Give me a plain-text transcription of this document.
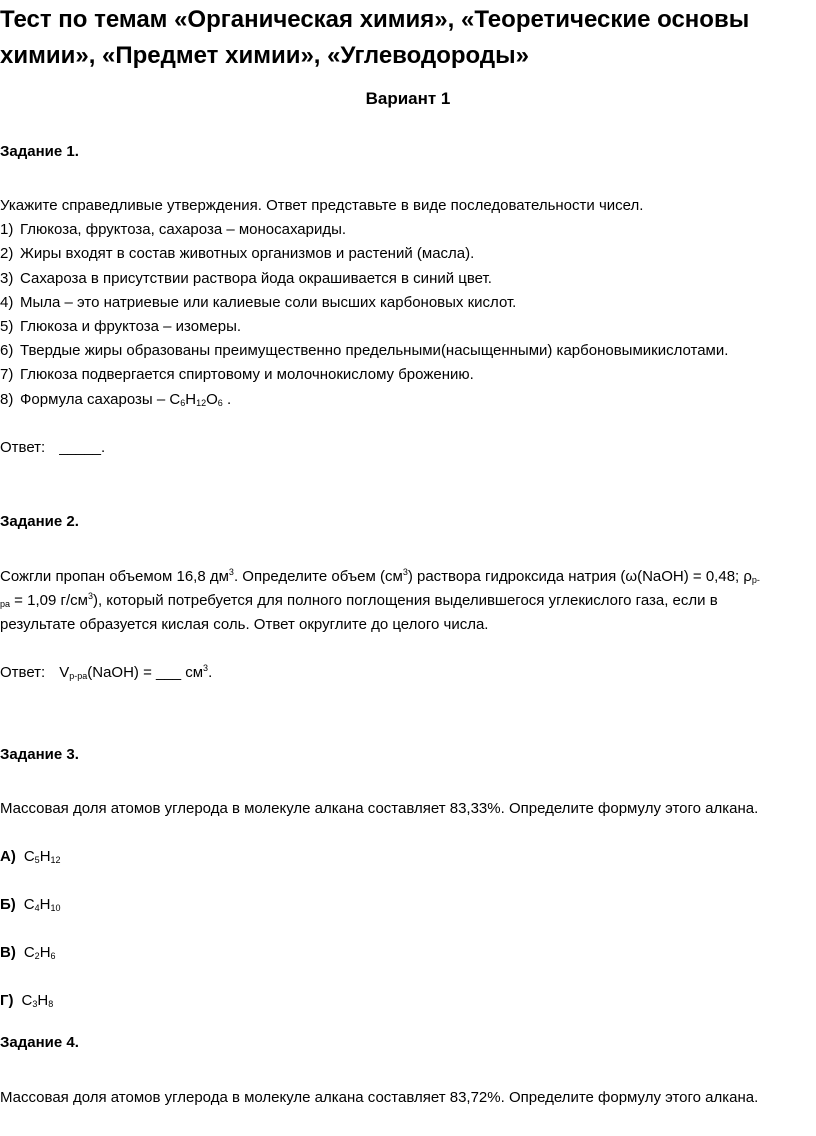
Тест по темам «Органическая химия», «Теоретические основы химии», «Предмет химии», «Углеводороды»
Вариант 1
Задание 1.
Укажите справедливые утверждения. Ответ представьте в виде последовательности чисел.
1) Глюкоза, фруктоза, сахароза – моносахариды.
2) Жиры входят в состав животных организмов и растений (масла).
3) Сахароза в присутствии раствора йода окрашивается в синий цвет.
4) Мыла – это натриевые или калиевые соли высших карбоновых кислот.
5) Глюкоза и фруктоза – изомеры.
6) Твердые жиры образованы преимущественно предельными(насыщенными) карбоновымикислотами.
7) Глюкоза подвергается спиртовому и молочнокислому брожению.
8) Формула сахарозы – $C_6H_{12}O_6$ .
Ответ: _____.
Задание 2.
Сожгли пропан объемом 16,8 $дм^3$. Определите объем $(см^3)$ раствора гидроксида натрия (ω(NaOH) = 0,48; $\rho_{р-}$
$_{ра}$ = 1,09 $г/см^3$), который потребуется для полного поглощения выделившегося углекислого газа, если в
результате образуется кислая соль. Ответ округлите до целого числа.
Ответ: $V_{р-ра}(NaOH)$ = ___ $см^3$.
Задание 3.
Массовая доля атомов углерода в молекуле алкана составляет 83,33%. Определите формулу этого алкана.
А) $C_5H_{12}$
Б) $C_4H_{10}$
В) $C_2H_6$
Г) $C_3H_8$
Задание 4.
Массовая доля атомов углерода в молекуле алкана составляет 83,72%. Определите формулу этого алкана.
